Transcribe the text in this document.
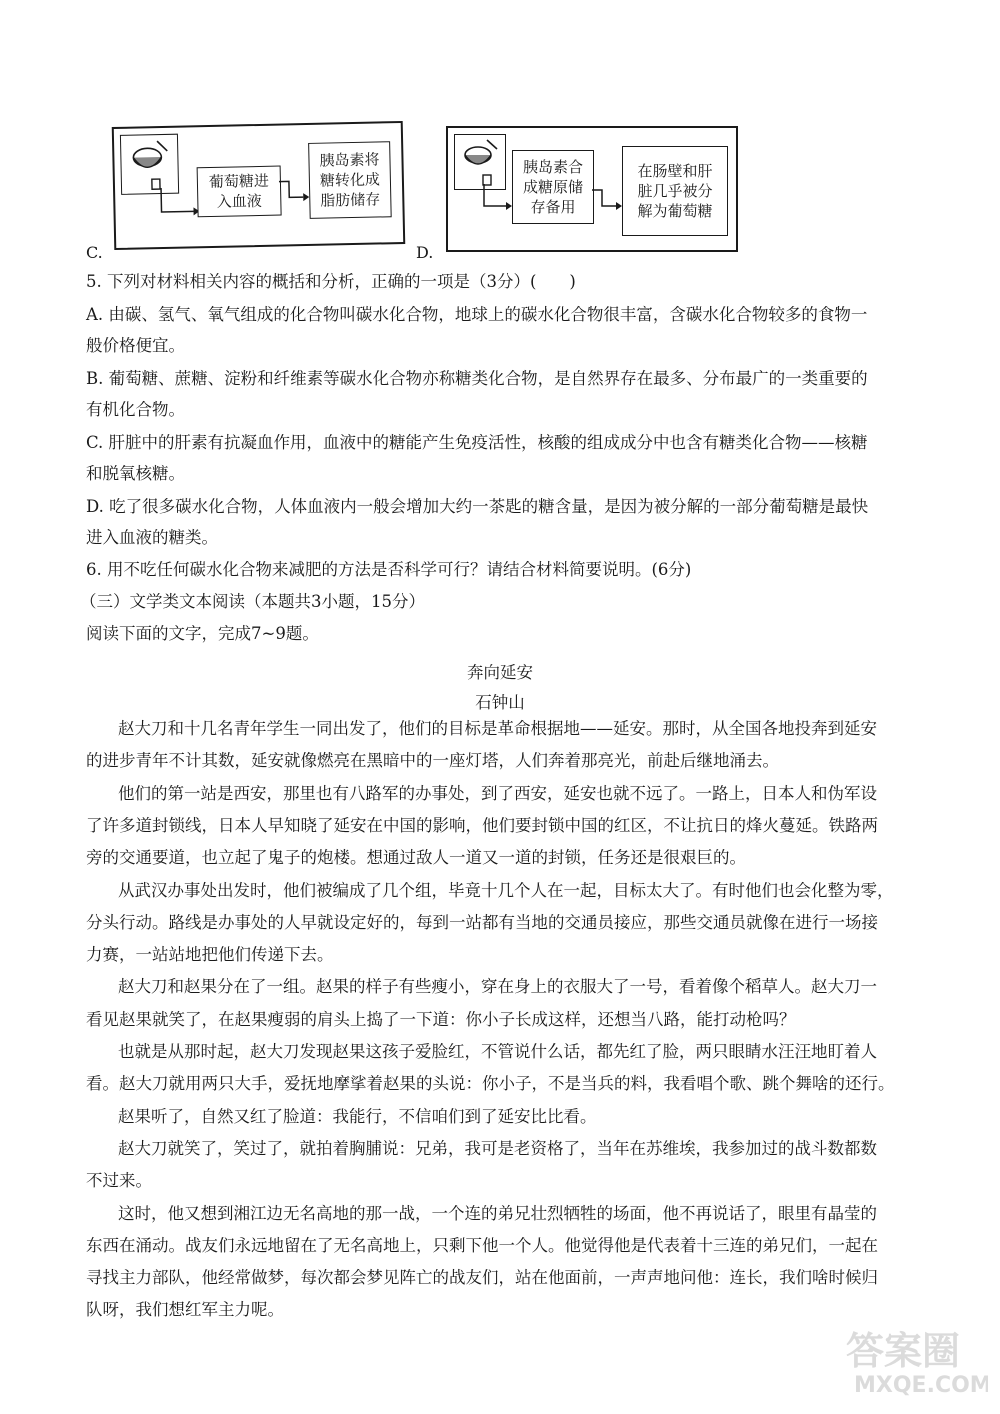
葡萄糖进
入血液
胰岛素将
糖转化成
脂肪储存
C.
胰岛素合
成糖原储
存备用
在肠壁和肝
脏几乎被分
解为葡萄糖
D.
5. 下列对材料相关内容的概括和分析，正确的一项是（3分）(　　)
A. 由碳、氢气、氧气组成的化合物叫碳水化合物，地球上的碳水化合物很丰富，含碳水化合物较多的食物一
般价格便宜。
B. 葡萄糖、蔗糖、淀粉和纤维素等碳水化合物亦称糖类化合物，是自然界存在最多、分布最广的一类重要的
有机化合物。
C. 肝脏中的肝素有抗凝血作用，血液中的糖能产生免疫活性，核酸的组成成分中也含有糖类化合物——核糖
和脱氧核糖。
D. 吃了很多碳水化合物，人体血液内一般会增加大约一茶匙的糖含量，是因为被分解的一部分葡萄糖是最快
进入血液的糖类。
6. 用不吃任何碳水化合物来减肥的方法是否科学可行？请结合材料简要说明。(6分)
（三）文学类文本阅读（本题共3小题，15分）
阅读下面的文字，完成7~9题。
奔向延安
石钟山
赵大刀和十几名青年学生一同出发了，他们的目标是革命根据地——延安。那时，从全国各地投奔到延安
的进步青年不计其数，延安就像燃亮在黑暗中的一座灯塔，人们奔着那亮光，前赴后继地涌去。
他们的第一站是西安，那里也有八路军的办事处，到了西安，延安也就不远了。一路上，日本人和伪军设
了许多道封锁线，日本人早知晓了延安在中国的影响，他们要封锁中国的红区，不让抗日的烽火蔓延。铁路两
旁的交通要道，也立起了鬼子的炮楼。想通过敌人一道又一道的封锁，任务还是很艰巨的。
从武汉办事处出发时，他们被编成了几个组，毕竟十几个人在一起，目标太大了。有时他们也会化整为零，
分头行动。路线是办事处的人早就设定好的，每到一站都有当地的交通员接应，那些交通员就像在进行一场接
力赛，一站站地把他们传递下去。
赵大刀和赵果分在了一组。赵果的样子有些瘦小，穿在身上的衣服大了一号，看着像个稻草人。赵大刀一
看见赵果就笑了，在赵果瘦弱的肩头上捣了一下道：你小子长成这样，还想当八路，能打动枪吗？
也就是从那时起，赵大刀发现赵果这孩子爱脸红，不管说什么话，都先红了脸，两只眼睛水汪汪地盯着人
看。赵大刀就用两只大手，爱抚地摩挲着赵果的头说：你小子，不是当兵的料，我看唱个歌、跳个舞啥的还行。
赵果听了，自然又红了脸道：我能行，不信咱们到了延安比比看。
赵大刀就笑了，笑过了，就拍着胸脯说：兄弟，我可是老资格了，当年在苏维埃，我参加过的战斗数都数
不过来。
这时，他又想到湘江边无名高地的那一战，一个连的弟兄壮烈牺牲的场面，他不再说话了，眼里有晶莹的
东西在涌动。战友们永远地留在了无名高地上，只剩下他一个人。他觉得他是代表着十三连的弟兄们，一起在
寻找主力部队，他经常做梦，每次都会梦见阵亡的战友们，站在他面前，一声声地问他：连长，我们啥时候归
队呀，我们想红军主力呢。
答案圈
MXQE.COM
